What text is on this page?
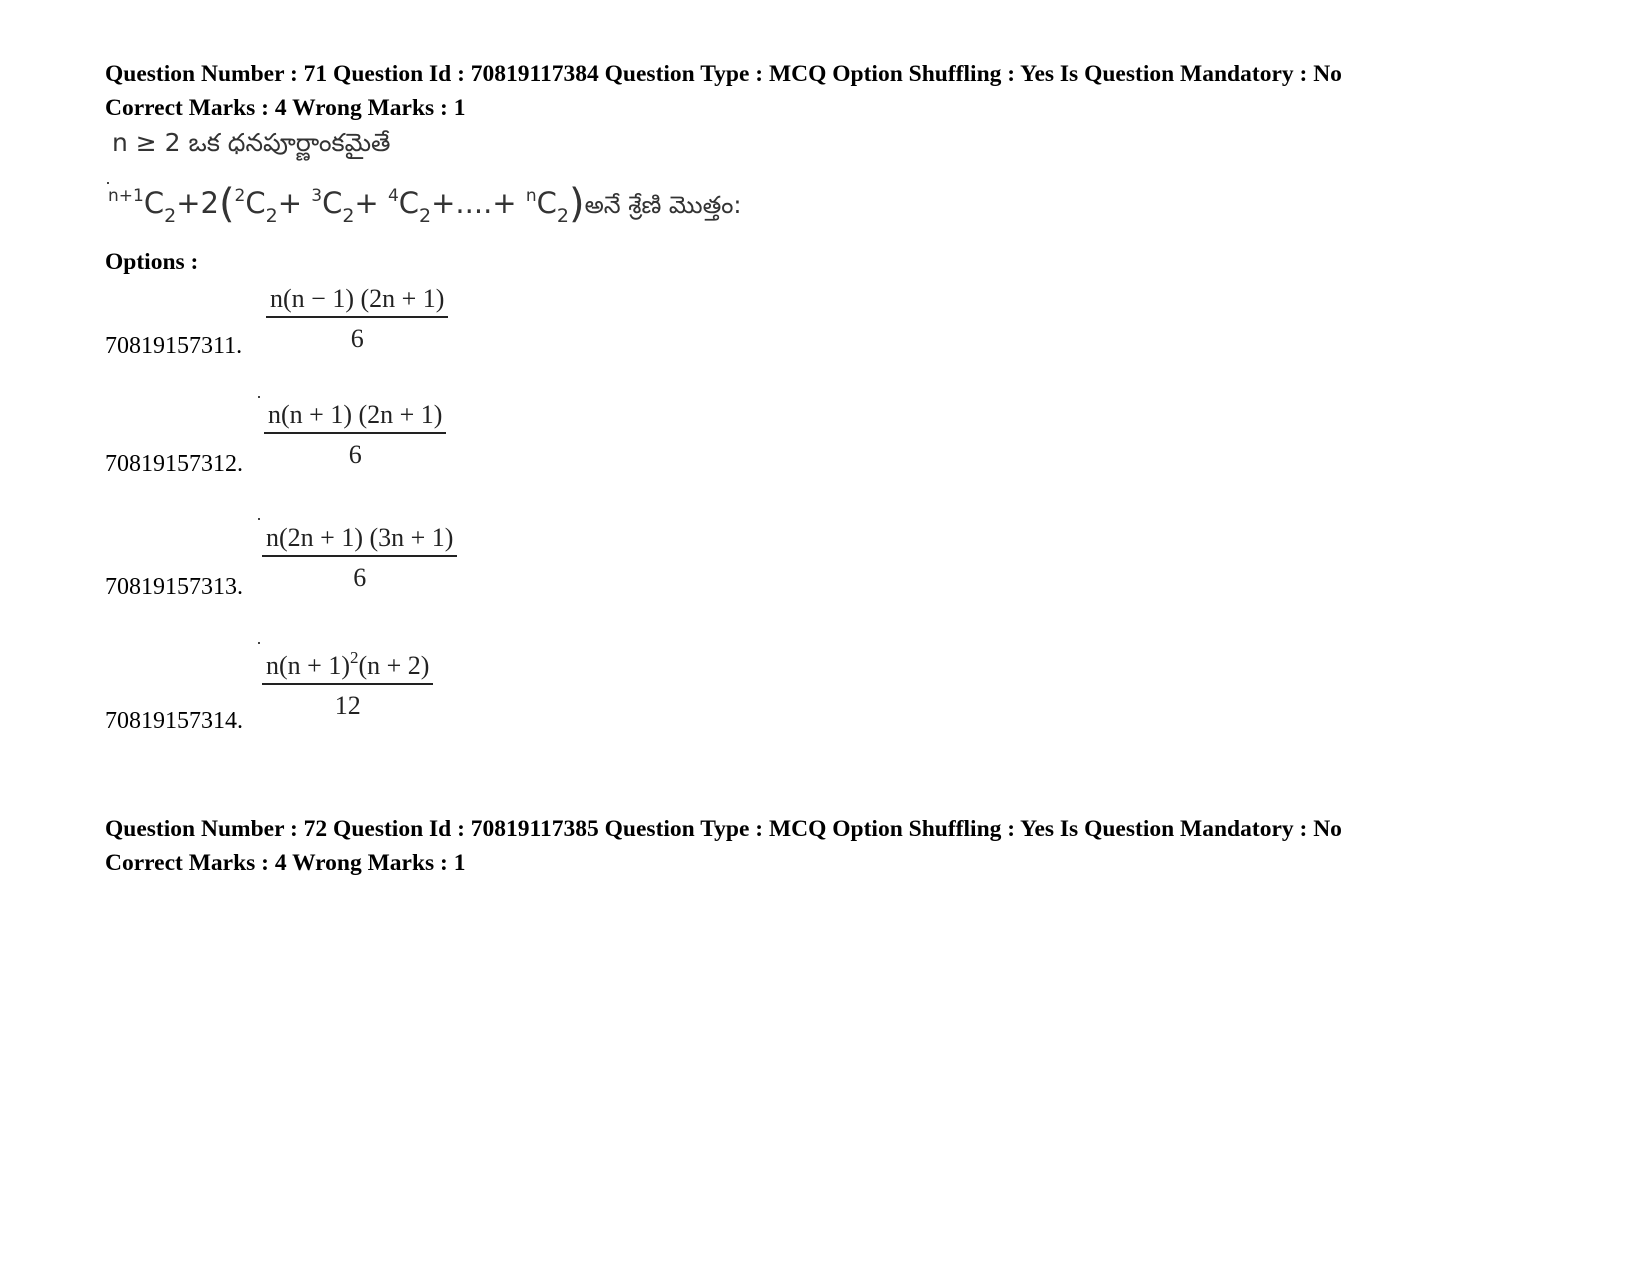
Question Number : 71 Question Id : 70819117384 Question Type : MCQ Option Shuffling : Yes Is Question Mandatory : No
Correct Marks : 4 Wrong Marks : 1
n ≥ 2 ఒక ధనపూర్ణాంకమైతే
$^{n+1}C_2+2(^2C_2+ ^3C_2+ ^4C_2+....+$ $^nC_2)అనే$ శ్రేణి మొత్తం:
Options :
$\frac{n(n - 1) (2n + 1)}{6}$
70819157311.
$\frac{n(n + 1) (2n + 1)}{6}$
70819157312.
$\frac{n(2n + 1) (3n + 1)}{6}$
70819157313.
$\frac{n(n + 1)^2(n + 2)}{12}$
70819157314.
Question Number : 72 Question Id : 70819117385 Question Type : MCQ Option Shuffling : Yes Is Question Mandatory : No
Correct Marks : 4 Wrong Marks : 1
